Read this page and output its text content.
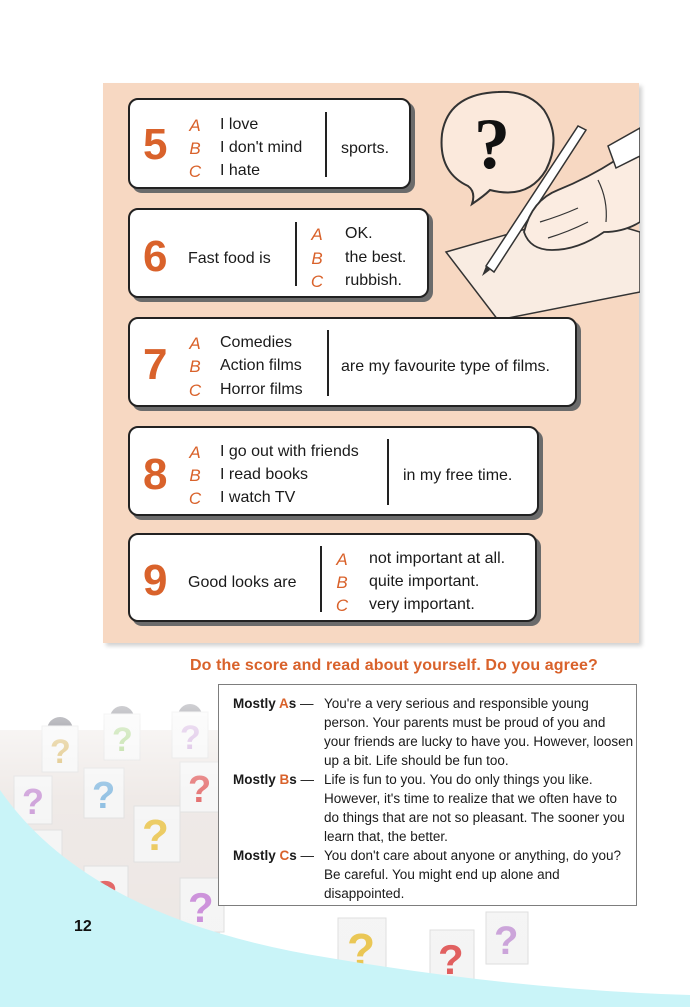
?
5 A I love
B I don't mind
C I hate
sports.
6 Fast food is
A OK.
B the best.
C rubbish.
7 A Comedies
B Action films
C Horror films
are my favourite type of films.
8 A I go out with friends
B I read books
C I watch TV
in my free time.
9 Good looks are
A not important at all.
B quite important.
C very important.
Do the score and read about yourself. Do you agree?
Mostly As — You're a very serious and responsible young person. Your parents must be proud of you and your friends are lucky to have you. However, loosen up a bit. Life should be fun too.
Mostly Bs — Life is fun to you. You do only things you like. However, it's time to realize that we often have to do things that are not so pleasant. The sooner you learn that, the better.
Mostly Cs — You don't care about anyone or anything, do you? Be careful. You might end up alone and disappointed.
12
